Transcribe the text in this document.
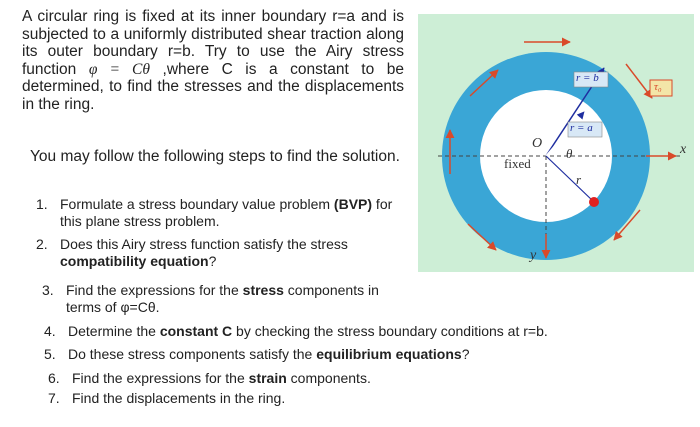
A circular ring is fixed at its inner boundary r=a and is subjected to a uniformly distributed shear traction along its outer boundary r=b. Try to use the Airy stress function φ = Cθ ,where C is a constant to be determined, to find the stresses and the displacements in the ring.
You may follow the following steps to find the solution.
1. Formulate a stress boundary value problem (BVP) for this plane stress problem.
2. Does this Airy stress function satisfy the stress compatibility equation?
3. Find the expressions for the stress components in terms of φ=Cθ.
4. Determine the constant C by checking the stress boundary conditions at r=b.
5. Do these stress components satisfy the equilibrium equations?
6. Find the expressions for the strain components.
7. Find the displacements in the ring.
r = b
r = a
τ₀
O
θ
r
fixed
x
y
